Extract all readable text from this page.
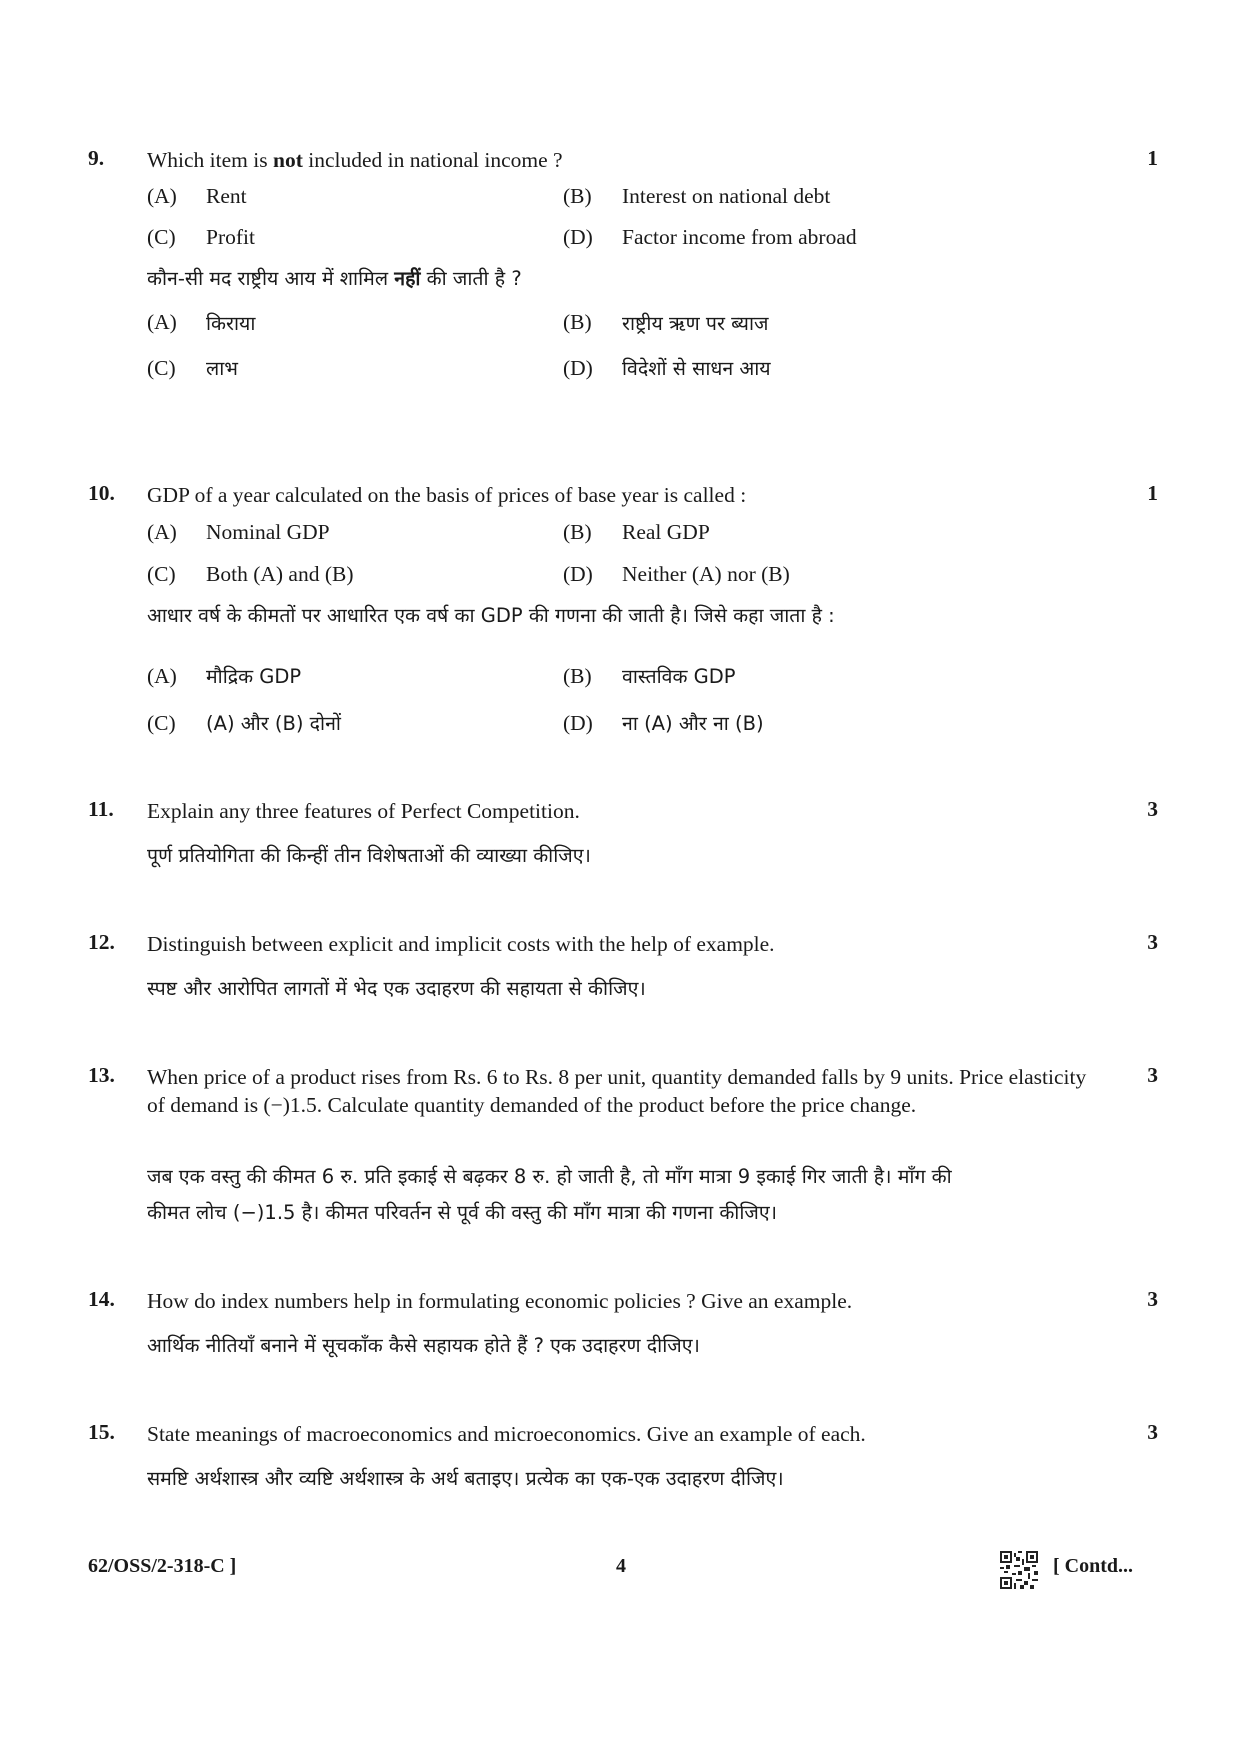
9. Which item is not included in national income ?	1
(A) Rent	(B) Interest on national debt
(C) Profit	(D) Factor income from abroad
कौन-सी मद राष्ट्रीय आय में शामिल नहीं की जाती है ?
(A) किराया	(B) राष्ट्रीय ऋण पर ब्याज
(C) लाभ	(D) विदेशों से साधन आय
10. GDP of a year calculated on the basis of prices of base year is called :	1
(A) Nominal GDP	(B) Real GDP
(C) Both (A) and (B)	(D) Neither (A) nor (B)
आधार वर्ष के कीमतों पर आधारित एक वर्ष का GDP की गणना की जाती है। जिसे कहा जाता है :
(A) मौद्रिक GDP	(B) वास्तविक GDP
(C) (A) और (B) दोनों	(D) ना (A) और ना (B)
11. Explain any three features of Perfect Competition.	3
पूर्ण प्रतियोगिता की किन्हीं तीन विशेषताओं की व्याख्या कीजिए।
12. Distinguish between explicit and implicit costs with the help of example.	3
स्पष्ट और आरोपित लागतों में भेद एक उदाहरण की सहायता से कीजिए।
13. When price of a product rises from Rs. 6 to Rs. 8 per unit, quantity demanded falls by 9 units. Price elasticity of demand is (−)1.5. Calculate quantity demanded of the product before the price change.
3
जब एक वस्तु की कीमत 6 रु. प्रति इकाई से बढ़कर 8 रु. हो जाती है, तो माँग मात्रा 9 इकाई गिर जाती है। माँग की
कीमत लोच (−)1.5 है। कीमत परिवर्तन से पूर्व की वस्तु की माँग मात्रा की गणना कीजिए।
14. How do index numbers help in formulating economic policies ? Give an example.	3
आर्थिक नीतियाँ बनाने में सूचकाँक कैसे सहायक होते हैं ? एक उदाहरण दीजिए।
15. State meanings of macroeconomics and microeconomics. Give an example of each.	3
समष्टि अर्थशास्त्र और व्यष्टि अर्थशास्त्र के अर्थ बताइए। प्रत्येक का एक-एक उदाहरण दीजिए।
62/OSS/2-318-C ]	4	[ Contd...
